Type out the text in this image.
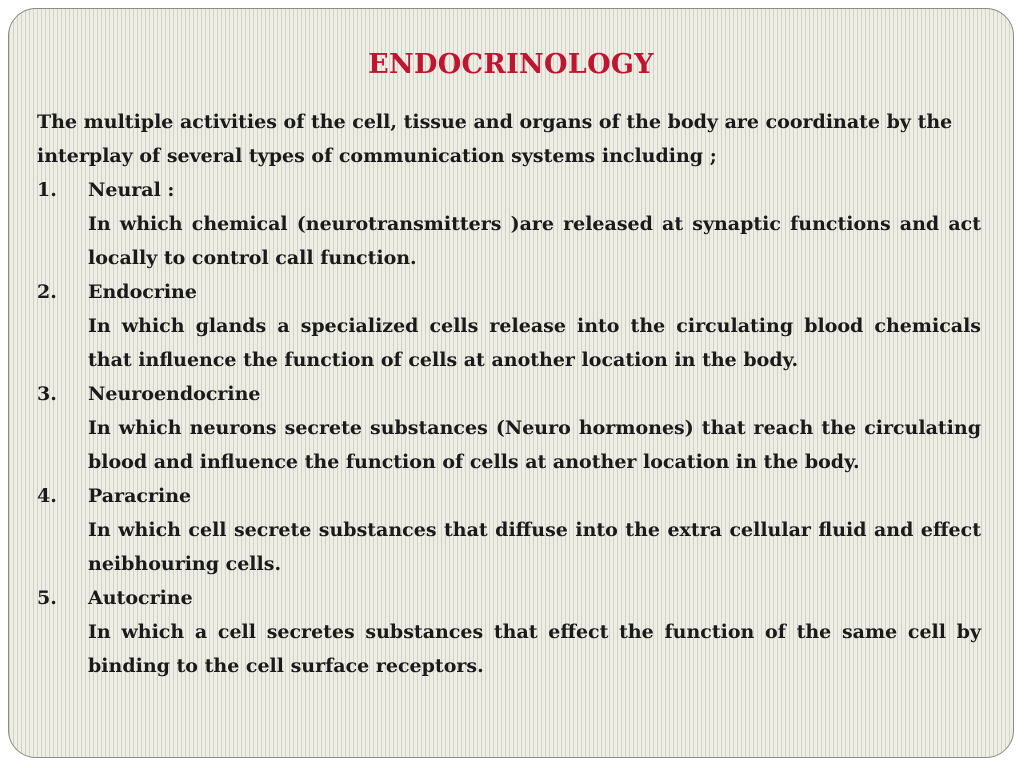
ENDOCRINOLOGY

The multiple activities of the cell, tissue and organs of the body are coordinate by the interplay of several types of communication systems including ;

1.	Neural :
In which chemical (neurotransmitters )are released at synaptic functions and act locally to control call function.
2.	Endocrine
In which glands a specialized cells release into the circulating blood chemicals that influence the function of cells at another location in the body.
3.	Neuroendocrine
In which neurons secrete substances (Neuro hormones) that reach the circulating blood and influence the function of cells at another location in the body.
4.	Paracrine
In which cell secrete substances that diffuse into the extra cellular fluid and effect neibhouring cells.
5.	Autocrine
In which a cell secretes substances that effect the function of the same cell by binding to the cell surface receptors.
